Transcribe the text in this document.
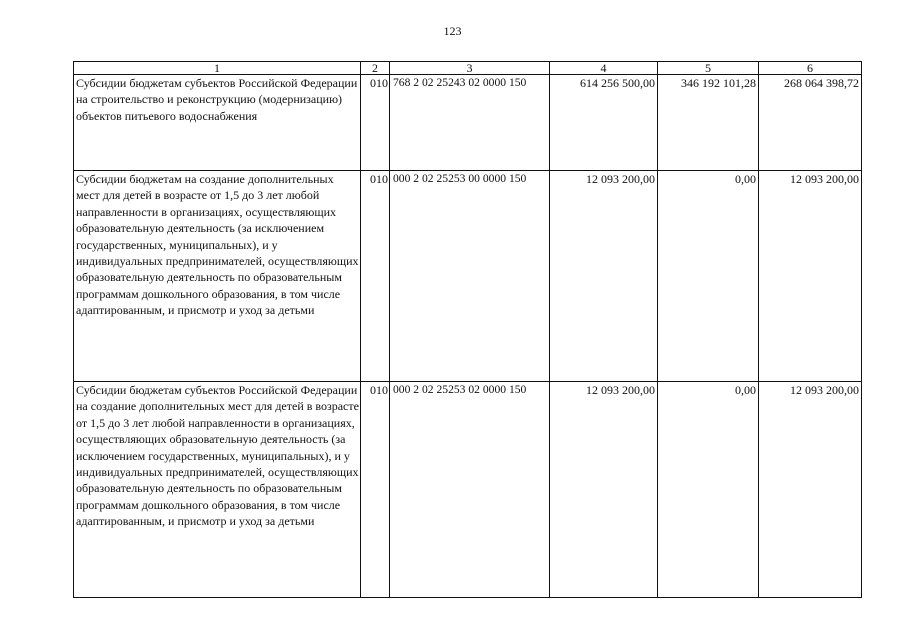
123
1	2	3	4	5	6
Субсидии бюджетам субъектов Российской Федерации на строительство и реконструкцию (модернизацию) объектов питьевого водоснабжения	010	768 2 02 25243 02 0000 150	614 256 500,00	346 192 101,28	268 064 398,72
Субсидии бюджетам на создание дополнительных мест для детей в возрасте от 1,5 до 3 лет любой направленности в организациях, осуществляющих образовательную деятельность (за исключением государственных, муниципальных), и у индивидуальных предпринимателей, осуществляющих образовательную деятельность по образовательным программам дошкольного образования, в том числе адаптированным, и присмотр и уход за детьми	010	000 2 02 25253 00 0000 150	12 093 200,00	0,00	12 093 200,00
Субсидии бюджетам субъектов Российской Федерации на создание дополнительных мест для детей в возрасте от 1,5 до 3 лет любой направленности в организациях, осуществляющих образовательную деятельность (за исключением государственных, муниципальных), и у индивидуальных предпринимателей, осуществляющих образовательную деятельность по образовательным программам дошкольного образования, в том числе адаптированным, и присмотр и уход за детьми	010	000 2 02 25253 02 0000 150	12 093 200,00	0,00	12 093 200,00
